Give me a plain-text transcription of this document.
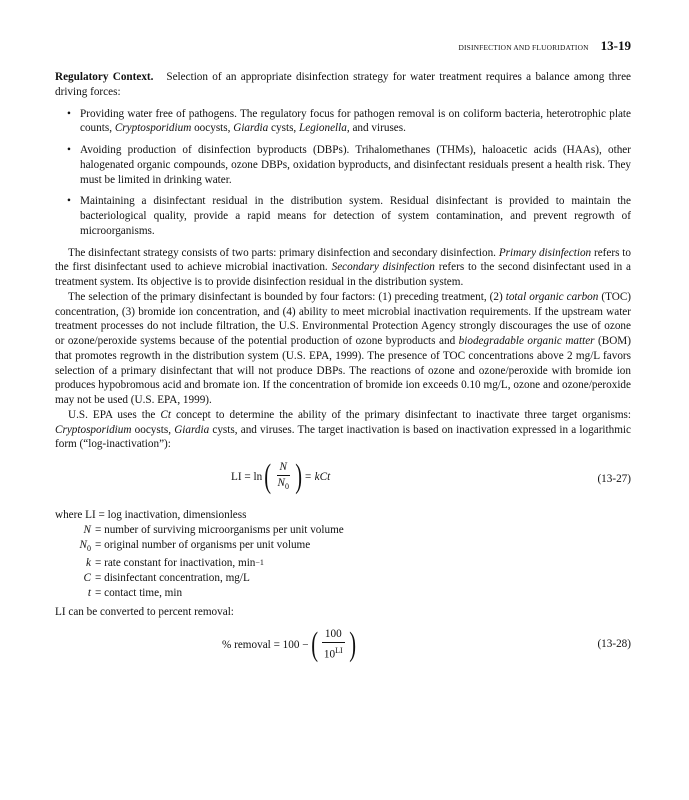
DISINFECTION AND FLUORIDATION 13-19

Regulatory Context. Selection of an appropriate disinfection strategy for water treatment requires a balance among three driving forces:

• Providing water free of pathogens. The regulatory focus for pathogen removal is on coliform bacteria, heterotrophic plate counts, Cryptosporidium oocysts, Giardia cysts, Legionella, and viruses.
• Avoiding production of disinfection byproducts (DBPs). Trihalomethanes (THMs), haloacetic acids (HAAs), other halogenated organic compounds, ozone DBPs, oxidation byproducts, and disinfectant residuals present a health risk. They must be limited in drinking water.
• Maintaining a disinfectant residual in the distribution system. Residual disinfectant is provided to maintain the bacteriological quality, provide a rapid means for detection of system contamination, and prevent regrowth of microorganisms.

The disinfectant strategy consists of two parts: primary disinfection and secondary disinfection. Primary disinfection refers to the first disinfectant used to achieve microbial inactivation. Secondary disinfection refers to the second disinfectant used in a treatment system. Its objective is to provide disinfection residual in the distribution system.

The selection of the primary disinfectant is bounded by four factors: (1) preceding treatment, (2) total organic carbon (TOC) concentration, (3) bromide ion concentration, and (4) ability to meet microbial inactivation requirements. If the upstream water treatment processes do not include filtration, the U.S. Environmental Protection Agency strongly discourages the use of ozone or ozone/peroxide systems because of the potential production of ozone byproducts and biodegradable organic matter (BOM) that promotes regrowth in the distribution system (U.S. EPA, 1999). The presence of TOC concentrations above 2 mg/L favors selection of a primary disinfectant that will not produce DBPs. The reactions of ozone and ozone/peroxide with bromide ion produces hypobromous acid and bromate ion. If the concentration of bromide ion exceeds 0.10 mg/L, ozone and ozone/peroxide may not be used (U.S. EPA, 1999).

U.S. EPA uses the Ct concept to determine the ability of the primary disinfectant to inactivate three target organisms: Cryptosporidium oocysts, Giardia cysts, and viruses. The target inactivation is based on inactivation expressed in a logarithmic form (“log-inactivation”):

LI = ln ( $\frac{N}{N_0}$ ) = kCt	(13-27)
where LI
= log inactivation, dimensionless
N = number of surviving microorganisms per unit volume
$N_0$ = original number of organisms per unit volume
k = rate constant for inactivation, min −1
C = disinfectant concentration, mg/L
t = contact time, min

LI can be converted to percent removal:

% removal = 100 − ( $\frac{100}{10^{LI}}$ )	(13-28)
